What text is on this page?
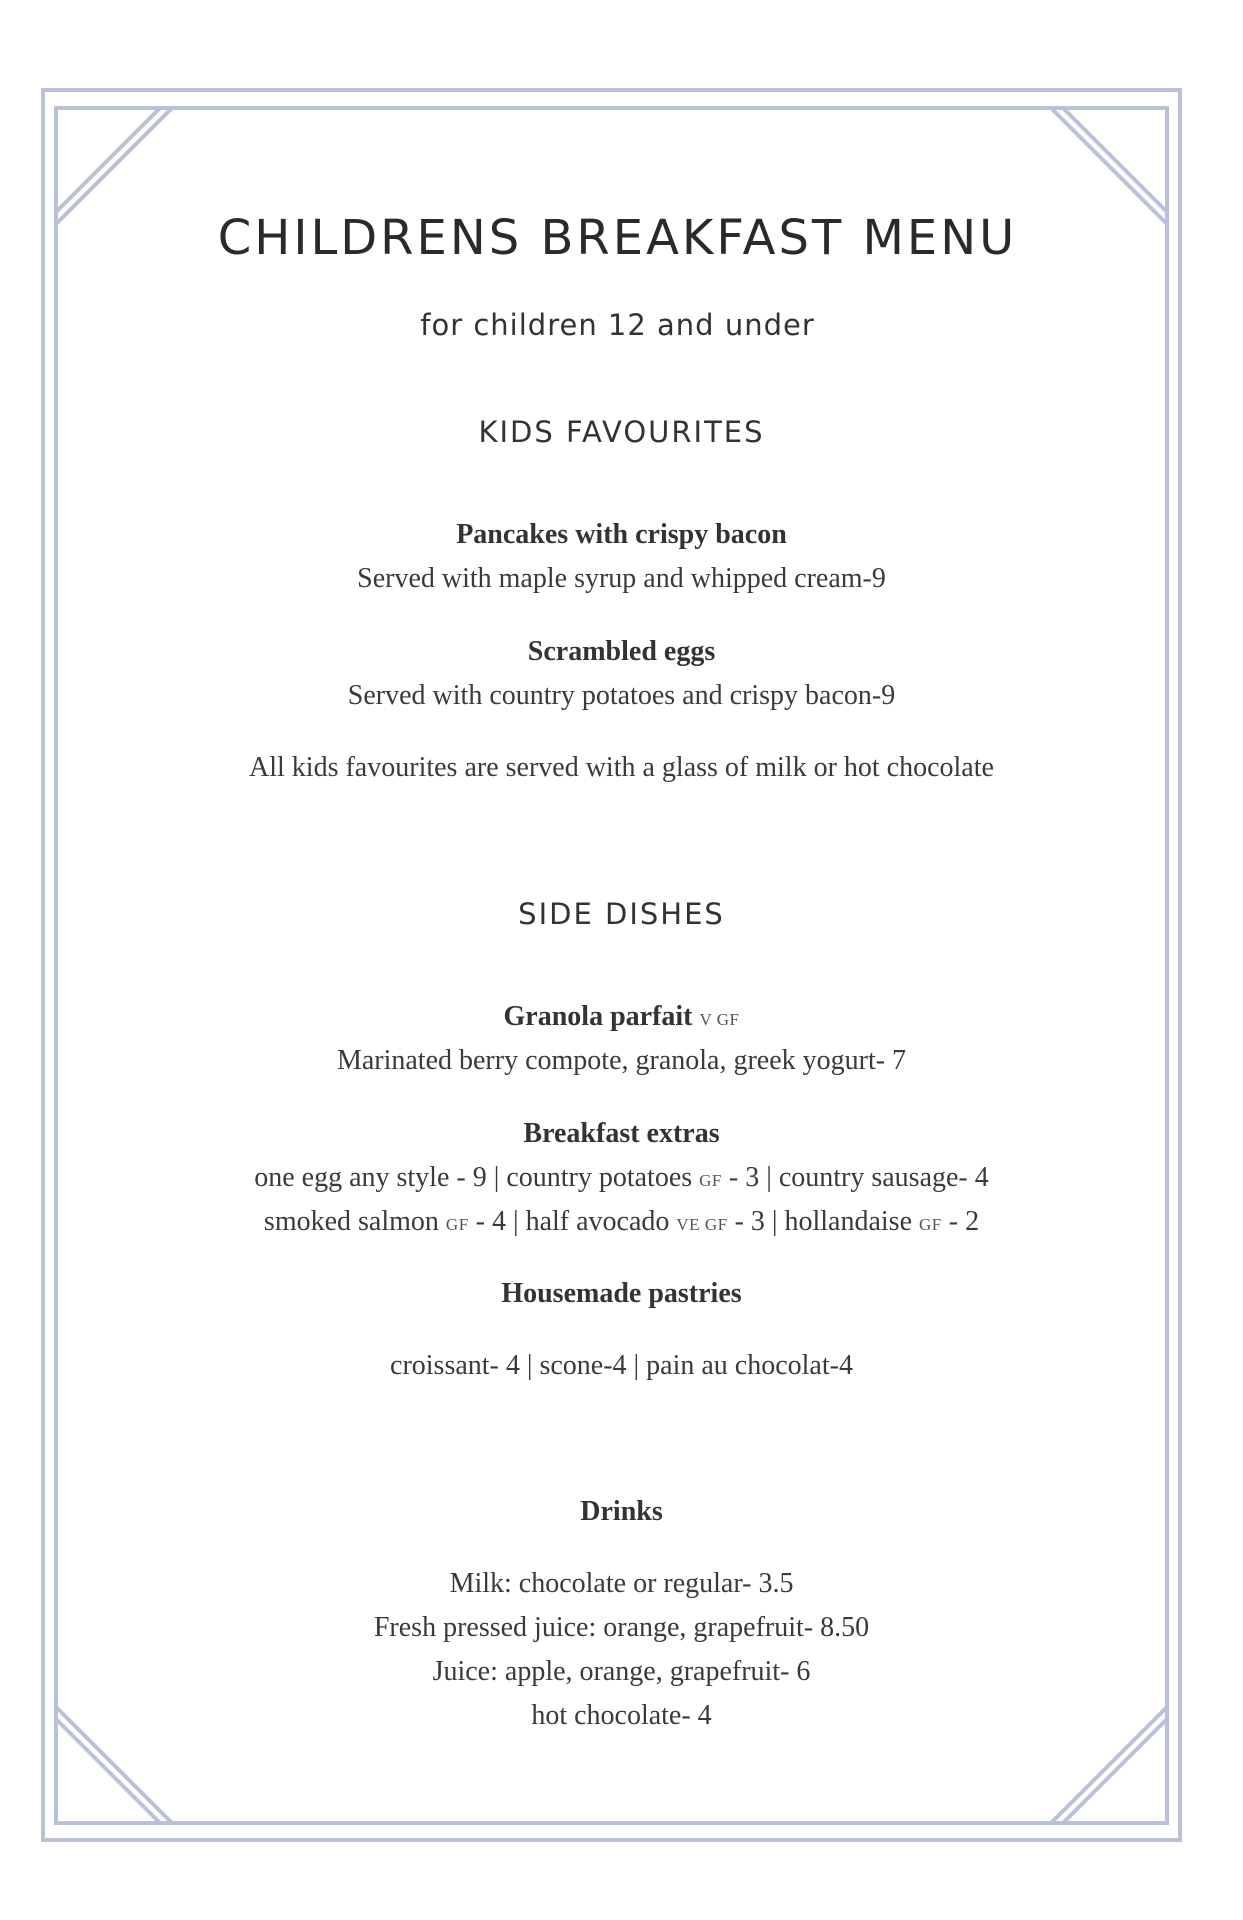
CHILDRENS BREAKFAST MENU
for children 12 and under
KIDS FAVOURITES
Pancakes with crispy bacon
Served with maple syrup and whipped cream-9
Scrambled eggs
Served with country potatoes and crispy bacon-9
All kids favourites are served with a glass of milk or hot chocolate
SIDE DISHES
Granola parfait V GF
Marinated berry compote, granola, greek yogurt- 7
Breakfast extras
one egg any style - 9 | country potatoes GF - 3 | country sausage- 4
smoked salmon GF - 4 | half avocado VE GF - 3 | hollandaise GF - 2
Housemade pastries
croissant- 4 | scone-4 | pain au chocolat-4
Drinks
Milk: chocolate or regular- 3.5
Fresh pressed juice: orange, grapefruit- 8.50
Juice: apple, orange, grapefruit- 6
hot chocolate- 4
